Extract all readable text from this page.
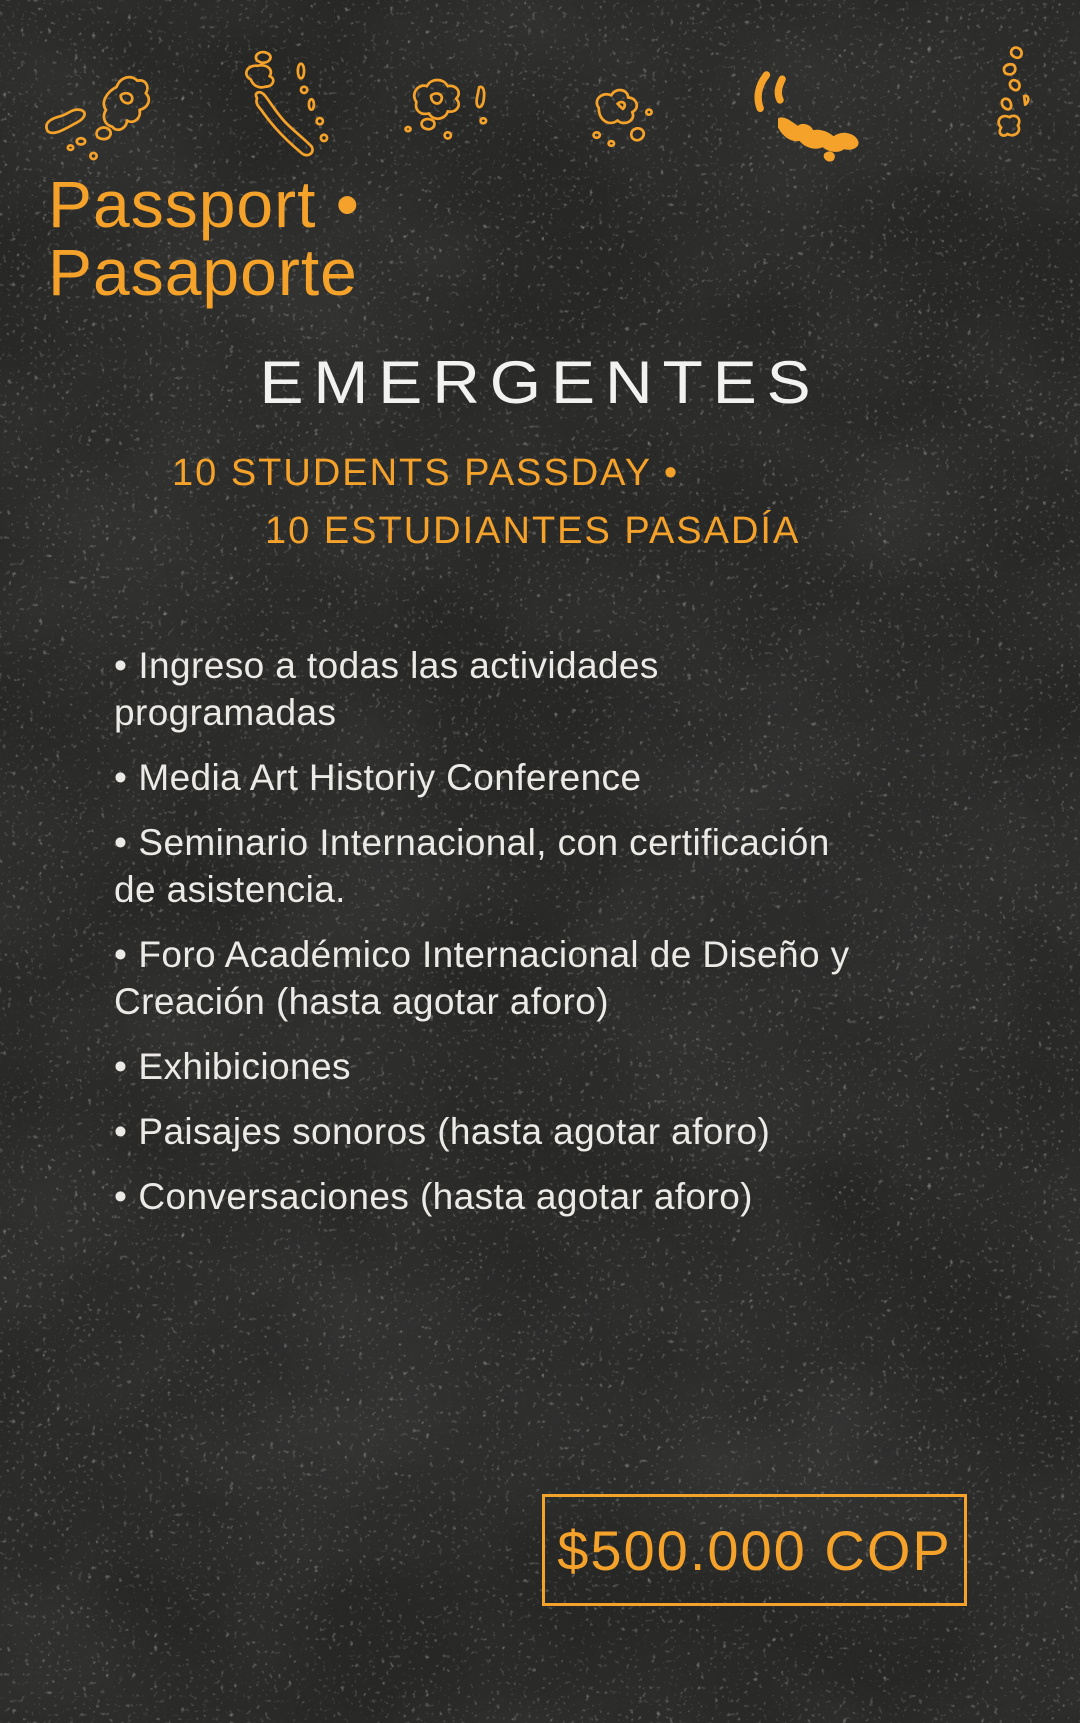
Passport •
Pasaporte
EMERGENTES
10 STUDENTS PASSDAY •
10 ESTUDIANTES PASADÍA
• Ingreso a todas las actividades programadas
• Media Art Historiy Conference
• Seminario Internacional, con certificación de asistencia.
• Foro Académico Internacional de Diseño y Creación (hasta agotar aforo)
• Exhibiciones
• Paisajes sonoros (hasta agotar aforo)
• Conversaciones (hasta agotar aforo)
$500.000 COP
